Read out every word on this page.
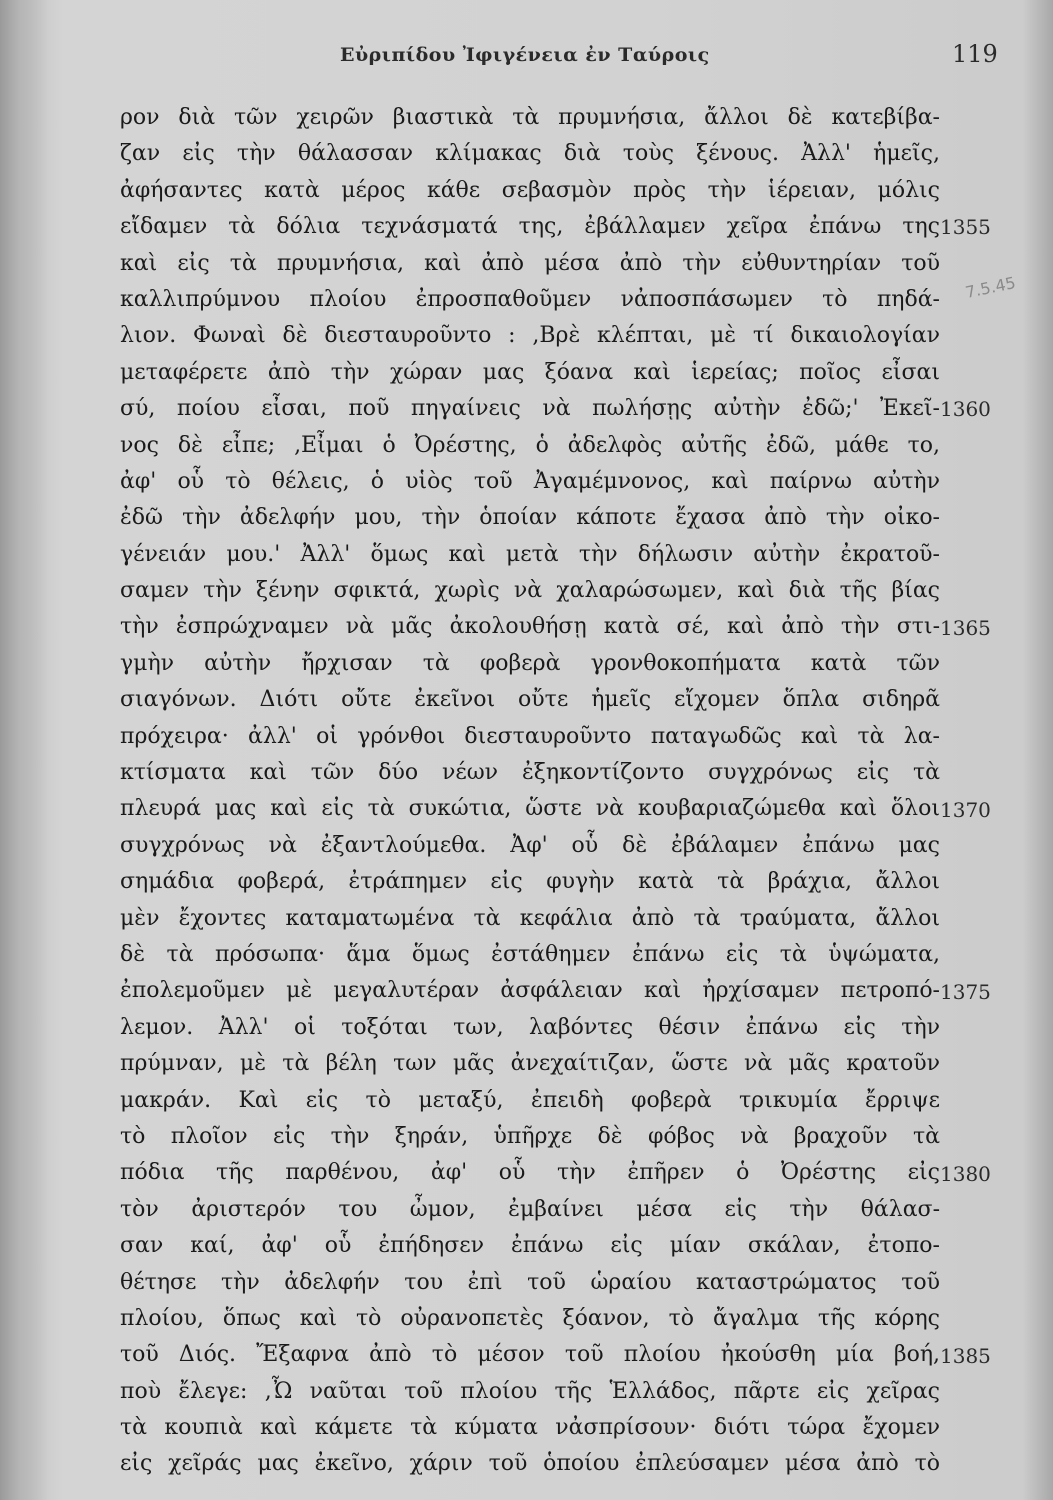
Εὐριπίδου Ἰφιγένεια ἐν Ταύροις	119
7.5.45
ρον διὰ τῶν χειρῶν βιαστικὰ τὰ πρυμνήσια, ἄλλοι δὲ κατεβίβα-
ζαν εἰς τὴν θάλασσαν κλίμακας διὰ τοὺς ξένους. Ἀλλ' ἡμεῖς,
ἀφήσαντες κατὰ μέρος κάθε σεβασμὸν πρὸς τὴν ἱέρειαν, μόλις
εἴδαμεν τὰ δόλια τεχνάσματά της, ἐβάλλαμεν χεῖρα ἐπάνω της
καὶ εἰς τὰ πρυμνήσια, καὶ ἀπὸ μέσα ἀπὸ τὴν εὐθυντηρίαν τοῦ
καλλιπρύμνου πλοίου ἐπροσπαθοῦμεν νἀποσπάσωμεν τὸ πηδά-
λιον. Φωναὶ δὲ διεσταυροῦντο : ,Βρὲ κλέπται, μὲ τί δικαιολογίαν
μεταφέρετε ἀπὸ τὴν χώραν μας ξόανα καὶ ἱερείας; ποῖος εἶσαι
σύ, ποίου εἶσαι, ποῦ πηγαίνεις νὰ πωλήσῃς αὐτὴν ἐδῶ;' Ἐκεῖ-
νος δὲ εἶπε; ,Εἶμαι ὁ Ὀρέστης, ὁ ἀδελφὸς αὐτῆς ἐδῶ, μάθε το,
ἀφ' οὗ τὸ θέλεις, ὁ υἱὸς τοῦ Ἀγαμέμνονος, καὶ παίρνω αὐτὴν
ἐδῶ τὴν ἀδελφήν μου, τὴν ὁποίαν κάποτε ἔχασα ἀπὸ τὴν οἰκο-
γένειάν μου.' Ἀλλ' ὅμως καὶ μετὰ τὴν δήλωσιν αὐτὴν ἐκρατοῦ-
σαμεν τὴν ξένην σφικτά, χωρὶς νὰ χαλαρώσωμεν, καὶ διὰ τῆς βίας
τὴν ἐσπρώχναμεν νὰ μᾶς ἀκολουθήσῃ κατὰ σέ, καὶ ἀπὸ τὴν στι-
γμὴν αὐτὴν ἤρχισαν τὰ φοβερὰ γρονθοκοπήματα κατὰ τῶν
σιαγόνων. Διότι οὔτε ἐκεῖνοι οὔτε ἡμεῖς εἴχομεν ὅπλα σιδηρᾶ
πρόχειρα· ἀλλ' οἱ γρόνθοι διεσταυροῦντο παταγωδῶς καὶ τὰ λα-
κτίσματα καὶ τῶν δύο νέων ἐξηκοντίζοντο συγχρόνως εἰς τὰ
πλευρά μας καὶ εἰς τὰ συκώτια, ὥστε νὰ κουβαριαζώμεθα καὶ ὅλοι
συγχρόνως νὰ ἐξαντλούμεθα. Ἀφ' οὗ δὲ ἐβάλαμεν ἐπάνω μας
σημάδια φοβερά, ἐτράπημεν εἰς φυγὴν κατὰ τὰ βράχια, ἄλλοι
μὲν ἔχοντες καταματωμένα τὰ κεφάλια ἀπὸ τὰ τραύματα, ἄλλοι
δὲ τὰ πρόσωπα· ἅμα ὅμως ἐστάθημεν ἐπάνω εἰς τὰ ὑψώματα,
ἐπολεμοῦμεν μὲ μεγαλυτέραν ἀσφάλειαν καὶ ἠρχίσαμεν πετροπό-
λεμον. Ἀλλ' οἱ τοξόται των, λαβόντες θέσιν ἐπάνω εἰς τὴν
πρύμναν, μὲ τὰ βέλη των μᾶς ἀνεχαίτιζαν, ὥστε νὰ μᾶς κρατοῦν
μακράν. Καὶ εἰς τὸ μεταξύ, ἐπειδὴ φοβερὰ τρικυμία ἔρριψε
τὸ πλοῖον εἰς τὴν ξηράν, ὑπῆρχε δὲ φόβος νὰ βραχοῦν τὰ
πόδια τῆς παρθένου, ἀφ' οὗ τὴν ἐπῆρεν ὁ Ὀρέστης εἰς
τὸν ἀριστερόν του ὦμον, ἐμβαίνει μέσα εἰς τὴν θάλασ-
σαν καί, ἀφ' οὗ ἐπήδησεν ἐπάνω εἰς μίαν σκάλαν, ἐτοπο-
θέτησε τὴν ἀδελφήν του ἐπὶ τοῦ ὡραίου καταστρώματος τοῦ
πλοίου, ὅπως καὶ τὸ οὐρανοπετὲς ξόανον, τὸ ἄγαλμα τῆς κόρης
τοῦ Διός. Ἔξαφνα ἀπὸ τὸ μέσον τοῦ πλοίου ἠκούσθη μία βοή,
ποὺ ἔλεγε: ,Ὦ ναῦται τοῦ πλοίου τῆς Ἑλλάδος, πᾶρτε εἰς χεῖρας
τὰ κουπιὰ καὶ κάμετε τὰ κύματα νἀσπρίσουν· διότι τώρα ἔχομεν
εἰς χεῖράς μας ἐκεῖνο, χάριν τοῦ ὁποίου ἐπλεύσαμεν μέσα ἀπὸ τὸ
1355
1360
1365
1370
1375
1380
1385
